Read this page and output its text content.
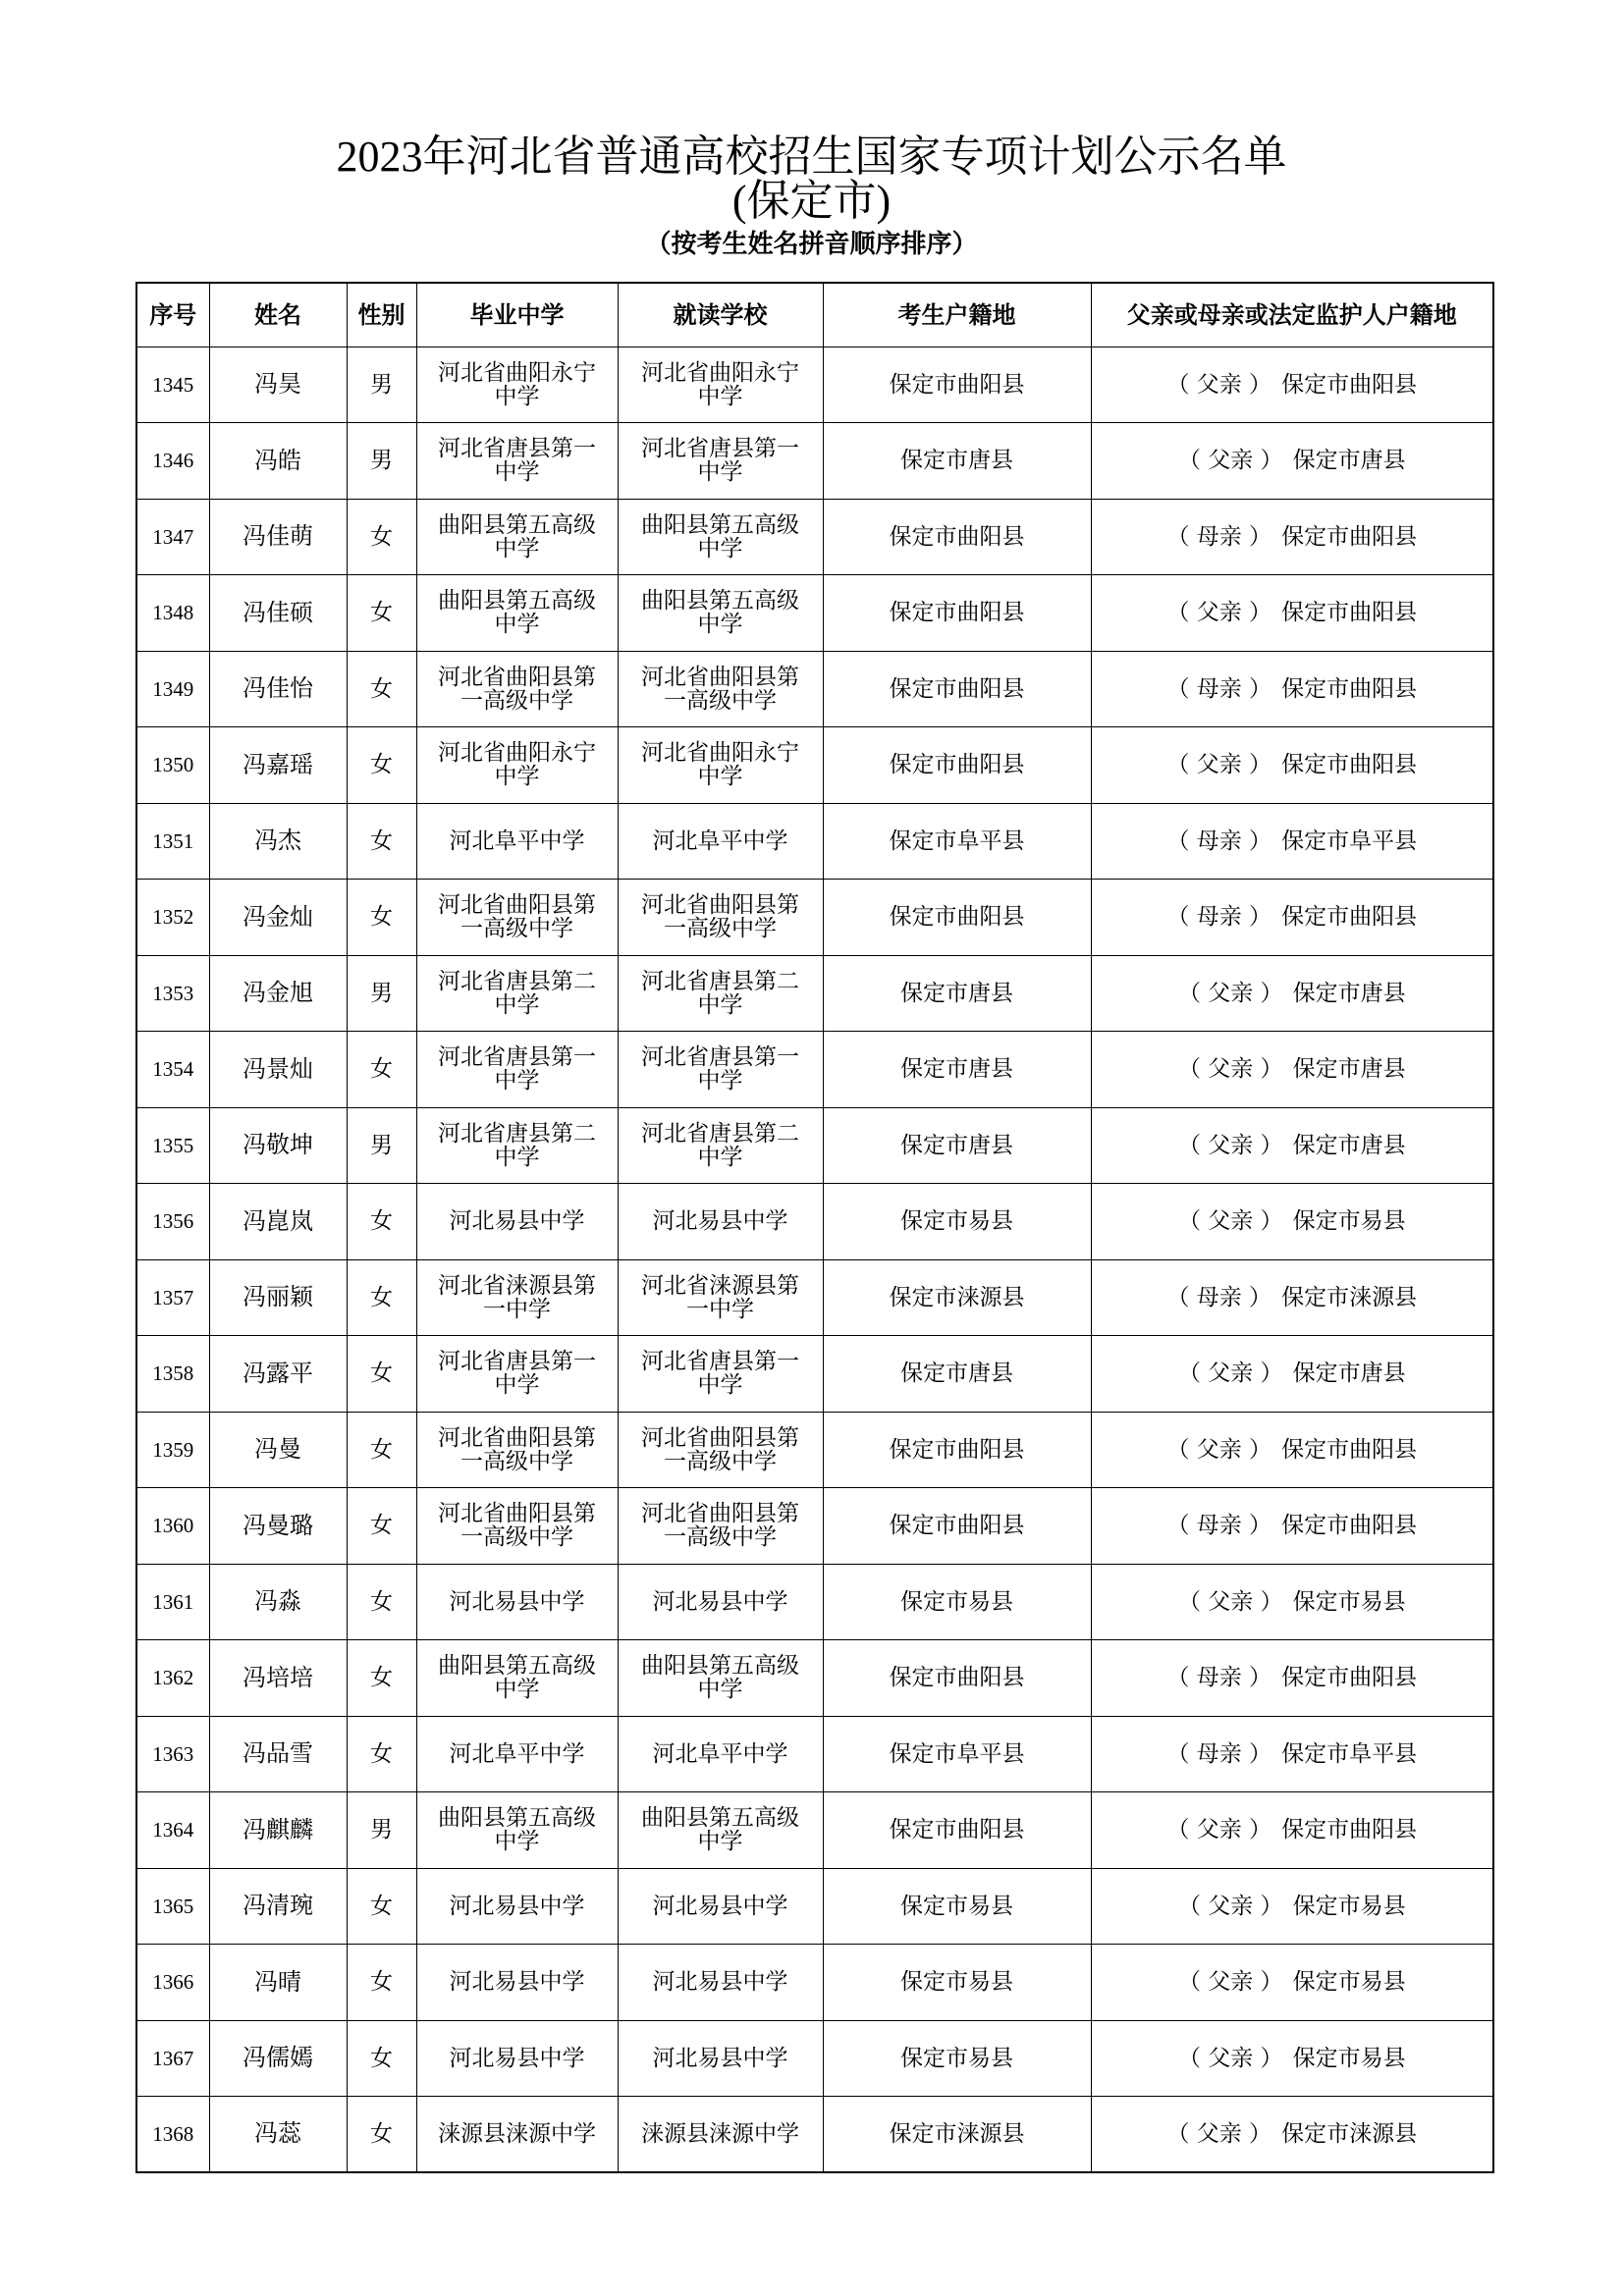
2023年河北省普通高校招生国家专项计划公示名单
(保定市)
（按考生姓名拼音顺序排序）
序号	姓名	性别	毕业中学	就读学校	考生户籍地	父亲或母亲或法定监护人户籍地
1345	冯昊	男	河北省曲阳永宁中学	河北省曲阳永宁中学	保定市曲阳县	（ 父亲 ） 保定市曲阳县
1346	冯皓	男	河北省唐县第一中学	河北省唐县第一中学	保定市唐县	（ 父亲 ） 保定市唐县
1347	冯佳萌	女	曲阳县第五高级中学	曲阳县第五高级中学	保定市曲阳县	（ 母亲 ） 保定市曲阳县
1348	冯佳硕	女	曲阳县第五高级中学	曲阳县第五高级中学	保定市曲阳县	（ 父亲 ） 保定市曲阳县
1349	冯佳怡	女	河北省曲阳县第一高级中学	河北省曲阳县第一高级中学	保定市曲阳县	（ 母亲 ） 保定市曲阳县
1350	冯嘉瑶	女	河北省曲阳永宁中学	河北省曲阳永宁中学	保定市曲阳县	（ 父亲 ） 保定市曲阳县
1351	冯杰	女	河北阜平中学	河北阜平中学	保定市阜平县	（ 母亲 ） 保定市阜平县
1352	冯金灿	女	河北省曲阳县第一高级中学	河北省曲阳县第一高级中学	保定市曲阳县	（ 母亲 ） 保定市曲阳县
1353	冯金旭	男	河北省唐县第二中学	河北省唐县第二中学	保定市唐县	（ 父亲 ） 保定市唐县
1354	冯景灿	女	河北省唐县第一中学	河北省唐县第一中学	保定市唐县	（ 父亲 ） 保定市唐县
1355	冯敬坤	男	河北省唐县第二中学	河北省唐县第二中学	保定市唐县	（ 父亲 ） 保定市唐县
1356	冯崑岚	女	河北易县中学	河北易县中学	保定市易县	（ 父亲 ） 保定市易县
1357	冯丽颖	女	河北省涞源县第一中学	河北省涞源县第一中学	保定市涞源县	（ 母亲 ） 保定市涞源县
1358	冯露平	女	河北省唐县第一中学	河北省唐县第一中学	保定市唐县	（ 父亲 ） 保定市唐县
1359	冯曼	女	河北省曲阳县第一高级中学	河北省曲阳县第一高级中学	保定市曲阳县	（ 父亲 ） 保定市曲阳县
1360	冯曼璐	女	河北省曲阳县第一高级中学	河北省曲阳县第一高级中学	保定市曲阳县	（ 母亲 ） 保定市曲阳县
1361	冯淼	女	河北易县中学	河北易县中学	保定市易县	（ 父亲 ） 保定市易县
1362	冯培培	女	曲阳县第五高级中学	曲阳县第五高级中学	保定市曲阳县	（ 母亲 ） 保定市曲阳县
1363	冯品雪	女	河北阜平中学	河北阜平中学	保定市阜平县	（ 母亲 ） 保定市阜平县
1364	冯麒麟	男	曲阳县第五高级中学	曲阳县第五高级中学	保定市曲阳县	（ 父亲 ） 保定市曲阳县
1365	冯清琬	女	河北易县中学	河北易县中学	保定市易县	（ 父亲 ） 保定市易县
1366	冯晴	女	河北易县中学	河北易县中学	保定市易县	（ 父亲 ） 保定市易县
1367	冯儒嫣	女	河北易县中学	河北易县中学	保定市易县	（ 父亲 ） 保定市易县
1368	冯蕊	女	涞源县涞源中学	涞源县涞源中学	保定市涞源县	（ 父亲 ） 保定市涞源县
